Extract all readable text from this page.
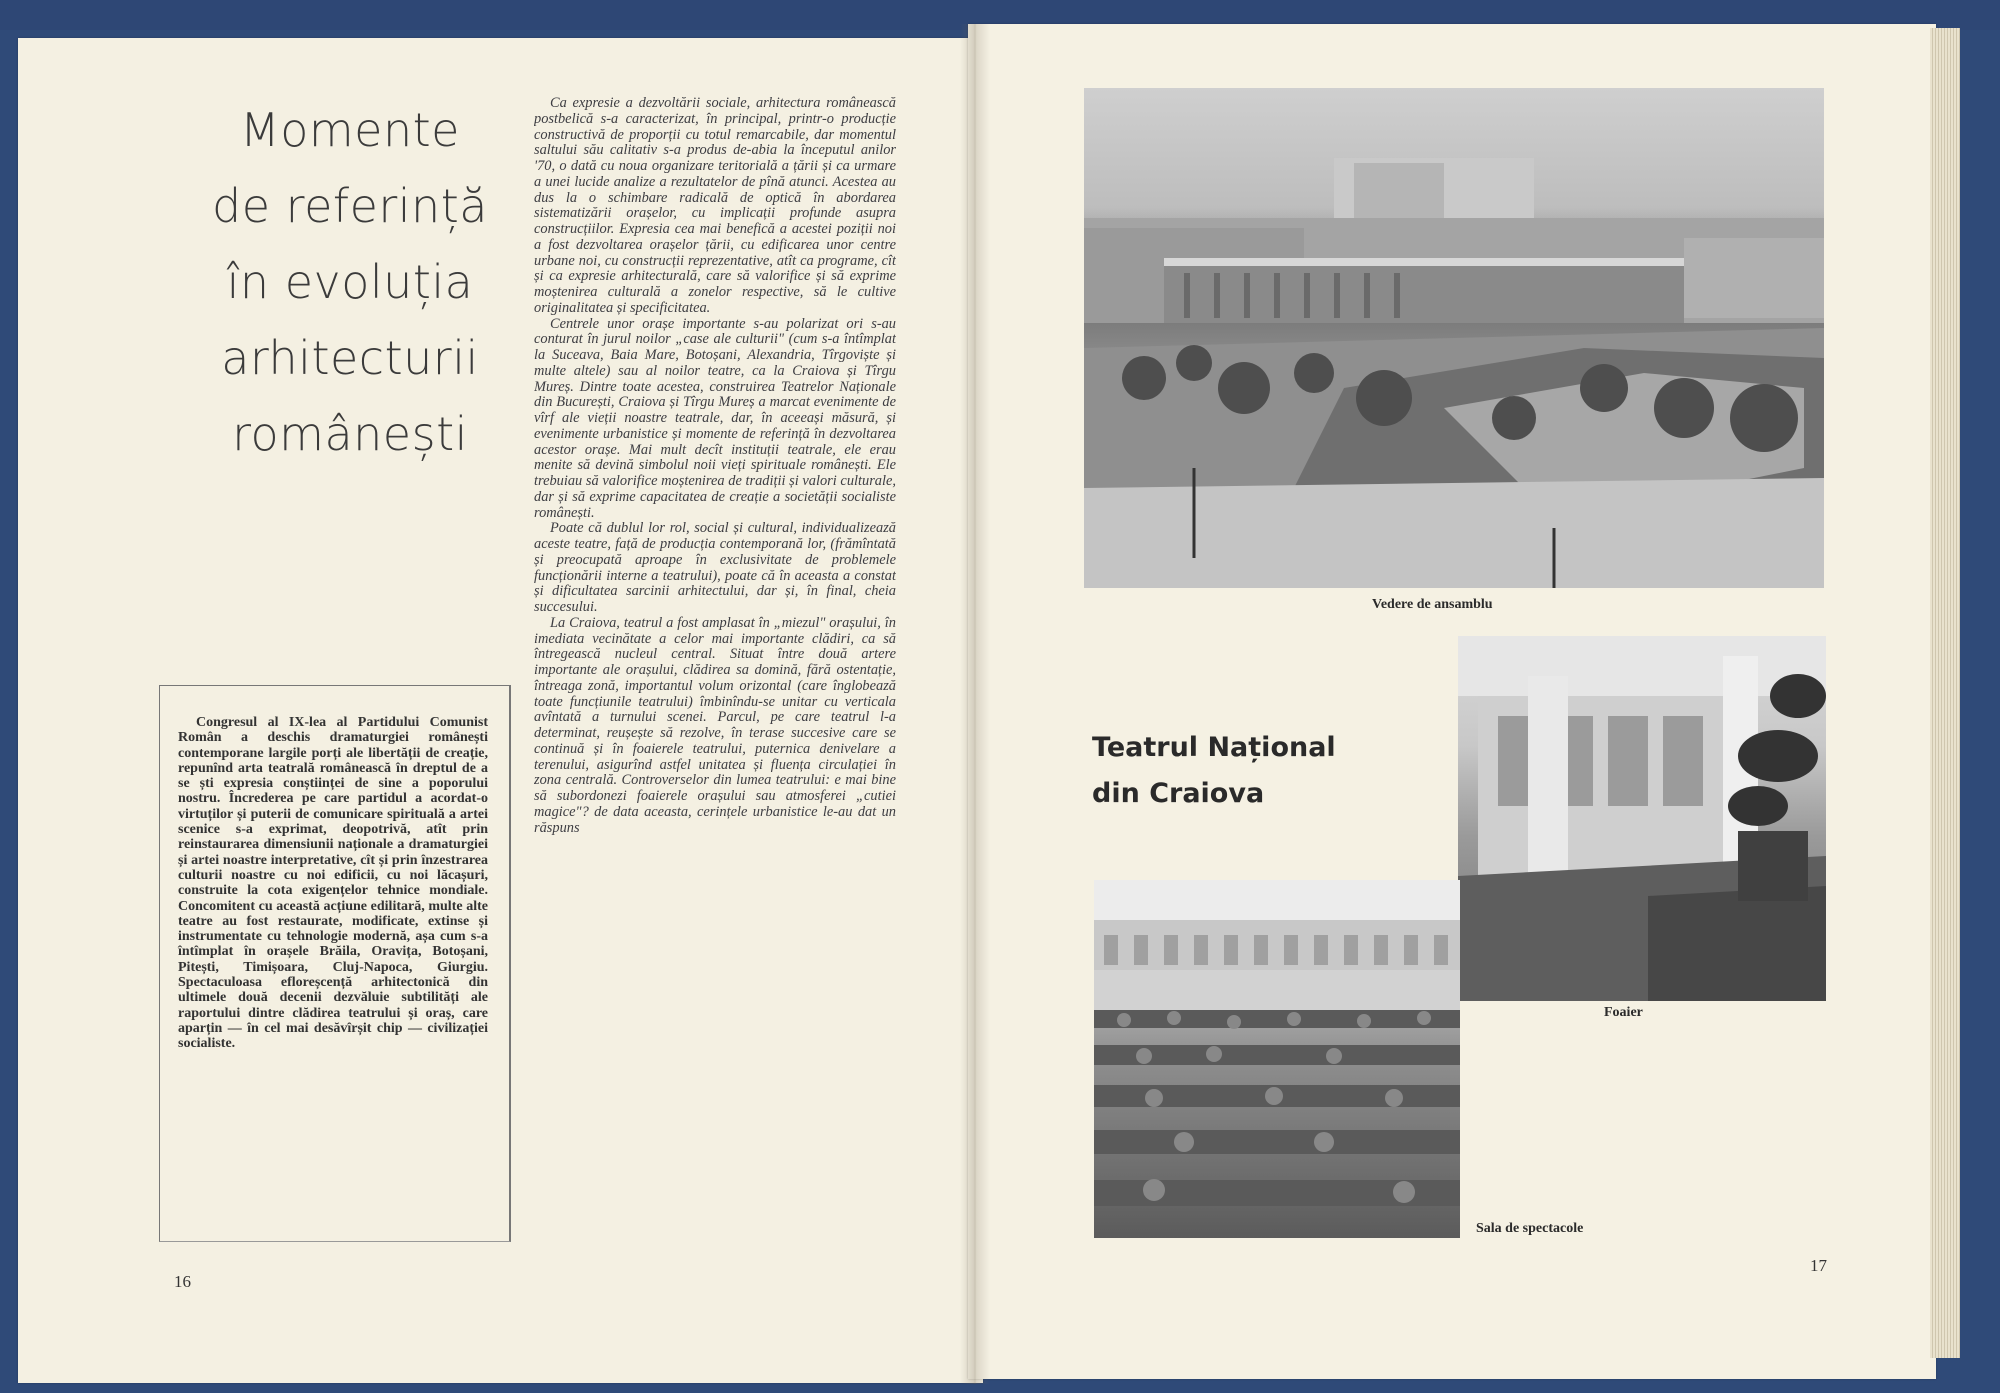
Momente
de referință
în evoluția
arhitecturii
românești

Ca expresie a dezvoltării sociale, arhitectura românească postbelică s-a caracterizat, în principal, printr-o producție constructivă de proporții cu totul remarcabile, dar momentul saltului său calitativ s-a produs de-abia la începutul anilor '70, o dată cu noua organizare teritorială a țării și ca urmare a unei lucide analize a rezultatelor de pînă atunci. Acestea au dus la o schimbare radicală de optică în abordarea sistematizării orașelor, cu implicații profunde asupra construcțiilor. Expresia cea mai benefică a acestei poziții noi a fost dezvoltarea orașelor țării, cu edificarea unor centre urbane noi, cu construcții reprezentative, atît ca programe, cît și ca expresie arhitecturală, care să valorifice și să exprime moștenirea culturală a zonelor respective, să le cultive originalitatea și specificitatea.

Centrele unor orașe importante s-au polarizat ori s-au conturat în jurul noilor „case ale culturii" (cum s-a întîmplat la Suceava, Baia Mare, Botoșani, Alexandria, Tîrgoviște și multe altele) sau al noilor teatre, ca la Craiova și Tîrgu Mureș. Dintre toate acestea, construirea Teatrelor Naționale din București, Craiova și Tîrgu Mureș a marcat evenimente de vîrf ale vieții noastre teatrale, dar, în aceeași măsură, și evenimente urbanistice și momente de referință în dezvoltarea acestor orașe. Mai mult decît instituții teatrale, ele erau menite să devină simbolul noii vieți spirituale românești. Ele trebuiau să valorifice moștenirea de tradiții și valori culturale, dar și să exprime capacitatea de creație a societății socialiste românești.

Poate că dublul lor rol, social și cultural, individualizează aceste teatre, față de producția contemporană lor, (frămîntată și preocupată aproape în exclusivitate de problemele funcționării interne a teatrului), poate că în aceasta a constat și dificultatea sarcinii arhitectului, dar și, în final, cheia succesului.

La Craiova, teatrul a fost amplasat în „miezul" orașului, în imediata vecinătate a celor mai importante clădiri, ca să întregească nucleul central. Situat între două artere importante ale orașului, clădirea sa domină, fără ostentație, întreaga zonă, importantul volum orizontal (care înglobează toate funcțiunile teatrului) îmbinîndu-se unitar cu verticala avîntată a turnului scenei. Parcul, pe care teatrul l-a determinat, reușește să rezolve, în terase succesive care se continuă și în foaierele teatrului, puternica denivelare a terenului, asigurînd astfel unitatea și fluența circulației în zona centrală. Controverselor din lumea teatrului: e mai bine să subordonezi foaierele orașului sau atmosferei „cutiei magice"? de data aceasta, cerințele urbanistice le-au dat un răspuns

Congresul al IX-lea al Partidului Comunist Român a deschis dramaturgiei românești contemporane largile porți ale libertății de creație, repunînd arta teatrală românească în dreptul de a se ști expresia conștiinței de sine a poporului nostru. Încrederea pe care partidul a acordat-o virtuților și puterii de comunicare spirituală a artei scenice s-a exprimat, deopotrivă, atît prin reinstaurarea dimensiunii naționale a dramaturgiei și artei noastre interpretative, cît și prin înzestrarea culturii noastre cu noi edificii, cu noi lăcașuri, construite la cota exigențelor tehnice mondiale. Concomitent cu această acțiune edilitară, multe alte teatre au fost restaurate, modificate, extinse și instrumentate cu tehnologie modernă, așa cum s-a întîmplat în orașele Brăila, Oravița, Botoșani, Pitești, Timișoara, Cluj-Napoca, Giurgiu. Spectaculoasa efloreșcență arhitectonică din ultimele două decenii dezvăluie subtilități ale raportului dintre clădirea teatrului și oraș, care aparțin — în cel mai desăvîrșit chip — civilizației socialiste.

16
17
Vedere de ansamblu
Teatrul Național
din Craiova
Foaier
Sala de spectacole
